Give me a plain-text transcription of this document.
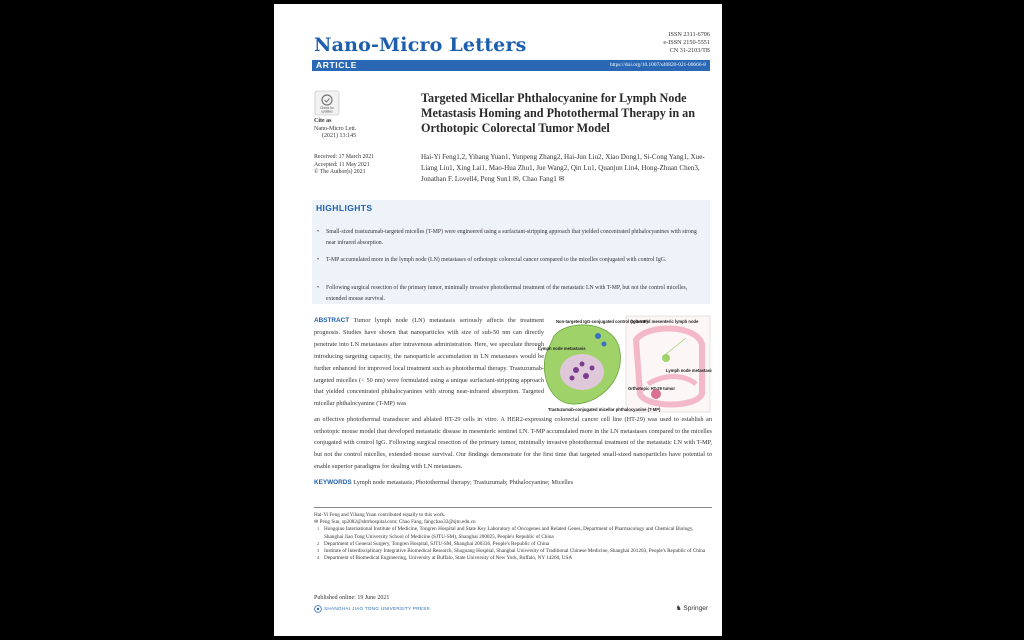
Nano-Micro Letters	ISSN 2311-6706
e-ISSN 2150-5551
CN 31-2103/TB
ARTICLE	https://doi.org/10.1007/s40820-021-00666-8
Check for
updates
Cite as
Nano-Micro Lett.
(2021) 13:145
Received: 17 March 2021
Accepted: 11 May 2021
© The Author(s) 2021
Targeted Micellar Phthalocyanine for Lymph Node Metastasis Homing and Photothermal Therapy in an Orthotopic Colorectal Tumor Model
Hai-Yi Feng1,2, Yihang Yuan1, Yunpeng Zhang2, Hai-Jun Liu2, Xiao Dong1, Si-Cong Yang1, Xue-Liang Liu1, Xing Lai1, Mao-Hua Zhu1, Jue Wang2, Qin Lu1, Quanjun Lin4, Hong-Zhuan Chen3, Jonathan F. Lovell4, Peng Sun1 ✉, Chao Fang1 ✉
HIGHLIGHTS
• Small-sized trastuzumab-targeted micelles (T-MP) were engineered using a surfactant-stripping approach that yielded concentrated phthalocyanines with strong near infrared absorption.
• T-MP accumulated more in the lymph node (LN) metastases of orthotopic colorectal cancer compared to the micelles conjugated with control IgG.
• Following surgical resection of the primary tumor, minimally invasive photothermal treatment of the metastatic LN with T-MP, but not the control micelles, extended mouse survival.
ABSTRACT Tumor lymph node (LN) metastasis seriously affects the treatment prognosis. Studies have shown that nanoparticles with size of sub-50 nm can directly penetrate into LN metastases after intravenous administration. Here, we speculate through introducing targeting capacity, the nanoparticle accumulation in LN metastases would be further enhanced for improved local treatment such as photothermal therapy. Trastuzumab-targeted micelles (< 50 nm) were formulated using a unique surfactant-stripping approach that yielded concentrated phthalocyanines with strong near-infrared absorption. Targeted micellar phthalocyanine (T-MP) was
Non-targeted IgG-conjugated control (IgG-MP)
Colon and mesenteric lymph node
Lymph node metastasis
Trastuzumab-conjugated micellar phthalocyanine (T-MP)
Orthotopic HT-29 tumor
Lymph node metastasis
an effective photothermal transducer and ablated HT-29 cells in vitro. A HER2-expressing colorectal cancer cell line (HT-29) was used to establish an orthotopic mouse model that developed metastatic disease in mesenteric sentinel LN. T-MP accumulated more in the LN metastases compared to the micelles conjugated with control IgG. Following surgical resection of the primary tumor, minimally invasive photothermal treatment of the metastatic LN with T-MP, but not the control micelles, extended mouse survival. Our findings demonstrate for the first time that targeted small-sized nanoparticles have potential to enable superior paradigms for dealing with LN metastases.
KEYWORDS Lymph node metastasis; Photothermal therapy; Trastuzumab; Phthalocyanine; Micelles
Hai-Yi Feng and Yihang Yuan contributed equally to this work.
✉ Peng Sun, sp2082@shtrhospital.com; Chao Fang, fangchao32@sjtu.edu.cn
1 Hongqiao International Institute of Medicine, Tongren Hospital and State Key Laboratory of Oncogenes and Related Genes, Department of Pharmacology and Chemical Biology, Shanghai Jiao Tong University School of Medicine (SJTU-SM), Shanghai 200025, People's Republic of China
2 Department of General Surgery, Tongren Hospital, SJTU-SM, Shanghai 200336, People's Republic of China
3 Institute of Interdisciplinary Integrative Biomedical Research, Shuguang Hospital, Shanghai University of Traditional Chinese Medicine, Shanghai 201203, People's Republic of China
4 Department of Biomedical Engineering, University at Buffalo, State University of New York, Buffalo, NY 14260, USA
Published online: 19 June 2021
SHANGHAI JIAO TONG UNIVERSITY PRESS	♞ Springer
